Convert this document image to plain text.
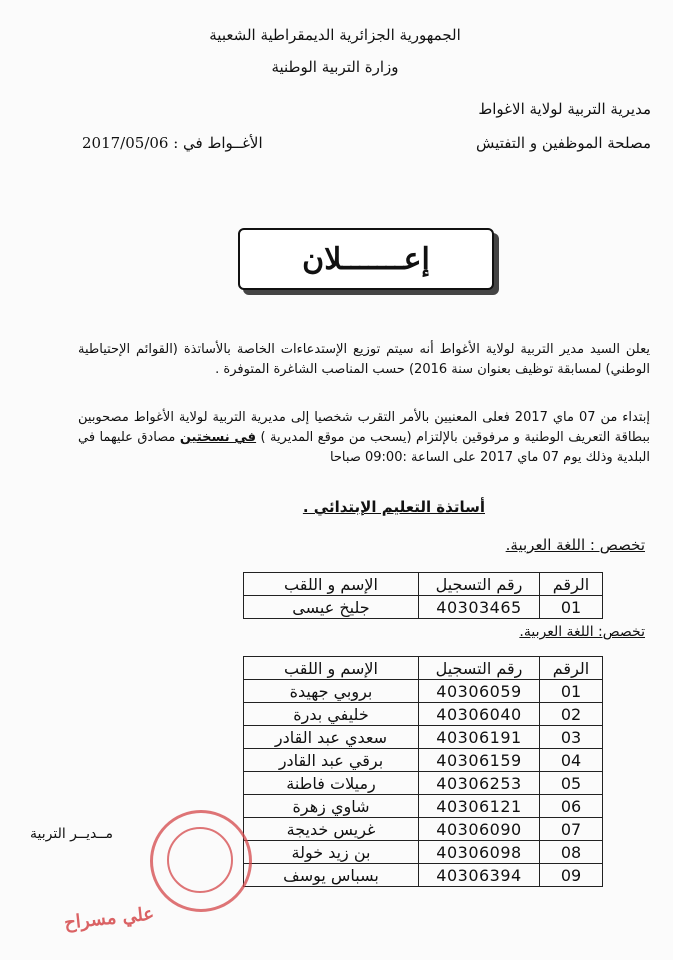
الجمهورية الجزائرية الديمقراطية الشعبية
وزارة التربية الوطنية
مديرية التربية لولاية الاغواط
مصلحة الموظفين و التفتيش
الأغــواط في : 2017/05/06
إعـــــــلان
يعلن السيد مدير التربية لولاية الأغواط أنه سيتم توزيع الإستدعاءات الخاصة بالأساتذة (القوائم الإحتياطية الوطني) لمسابقة توظيف بعنوان سنة 2016) حسب المناصب الشاغرة المتوفرة .
إبتداء من 07 ماي 2017 فعلى المعنيين بالأمر التقرب شخصيا إلى مديرية التربية لولاية الأغواط مصحوبين ببطاقة التعريف الوطنية و مرفوقين بالإلتزام (يسحب من موقع المديرية ) في نسختين مصادق عليهما في البلدية وذلك يوم 07 ماي 2017 على الساعة :09:00 صباحا
أساتذة التعليم الإبتدائي .
تخصص : اللغة العربية.
الرقم	رقم التسجيل	الإسم و اللقب
01	40303465	جليخ عيسى
تخصص: اللغة العربية.
الرقم	رقم التسجيل	الإسم و اللقب
01	40306059	بروبي جهيدة
02	40306040	خليفي بدرة
03	40306191	سعدي عبد القادر
04	40306159	برقي عبد القادر
05	40306253	رميلات فاطنة
06	40306121	شاوي زهرة
07	40306090	غريس خديجة
08	40306098	بن زيد خولة
09	40306394	بسباس يوسف
مــديــر التربية
علي مسراح
